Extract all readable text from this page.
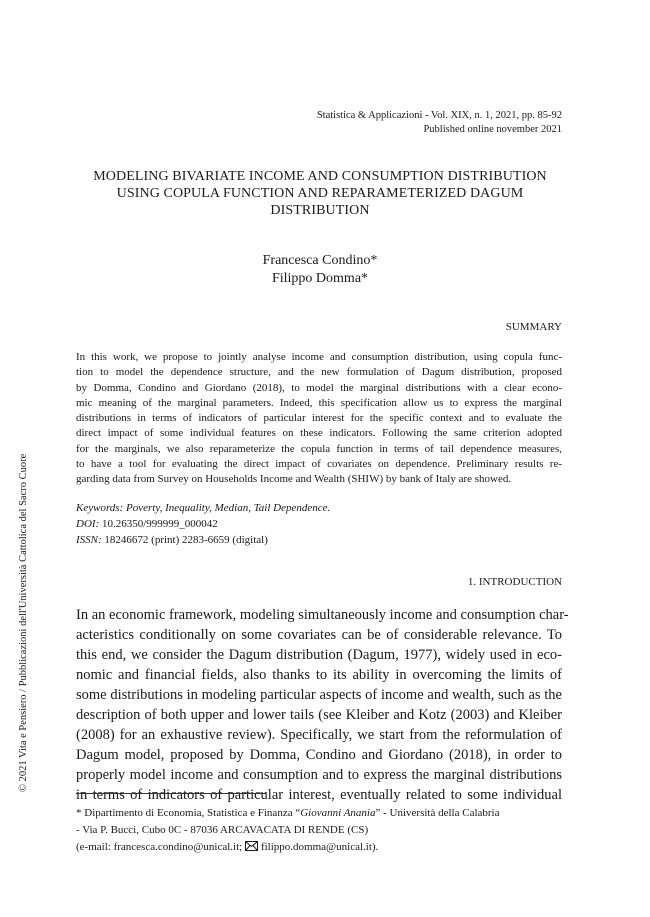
© 2021 Vita e Pensiero / Pubblicazioni dell'Università Cattolica del Sacro Cuore
Statistica & Applicazioni - Vol. XIX, n. 1, 2021, pp. 85-92
Published online november 2021
MODELING BIVARIATE INCOME AND CONSUMPTION DISTRIBUTION
USING COPULA FUNCTION AND REPARAMETERIZED DAGUM
DISTRIBUTION
Francesca Condino*
Filippo Domma*
SUMMARY
In this work, we propose to jointly analyse income and consumption distribution, using copula func-
tion to model the dependence structure, and the new formulation of Dagum distribution, proposed
by Domma, Condino and Giordano (2018), to model the marginal distributions with a clear econo-
mic meaning of the marginal parameters. Indeed, this specification allow us to express the marginal
distributions in terms of indicators of particular interest for the specific context and to evaluate the
direct impact of some individual features on these indicators. Following the same criterion adopted
for the marginals, we also reparameterize the copula function in terms of tail dependence measures,
to have a tool for evaluating the direct impact of covariates on dependence. Preliminary results re-
garding data from Survey on Households Income and Wealth (SHIW) by bank of Italy are showed.
Keywords: Poverty, Inequality, Median, Tail Dependence.
DOI: 10.26350/999999_000042
ISSN: 18246672 (print) 2283-6659 (digital)
1. INTRODUCTION
In an economic framework, modeling simultaneously income and consumption char-
acteristics conditionally on some covariates can be of considerable relevance. To
this end, we consider the Dagum distribution (Dagum, 1977), widely used in eco-
nomic and financial fields, also thanks to its ability in overcoming the limits of
some distributions in modeling particular aspects of income and wealth, such as the
description of both upper and lower tails (see Kleiber and Kotz (2003) and Kleiber
(2008) for an exhaustive review). Specifically, we start from the reformulation of
Dagum model, proposed by Domma, Condino and Giordano (2018), in order to
properly model income and consumption and to express the marginal distributions
in terms of indicators of particular interest, eventually related to some individual
* Dipartimento di Economia, Statistica e Finanza “Giovanni Anania” - Università della Calabria
- Via P. Bucci, Cubo 0C - 87036 ARCAVACATA DI RENDE (CS)
(e-mail: francesca.condino@unical.it; filippo.domma@unical.it).
